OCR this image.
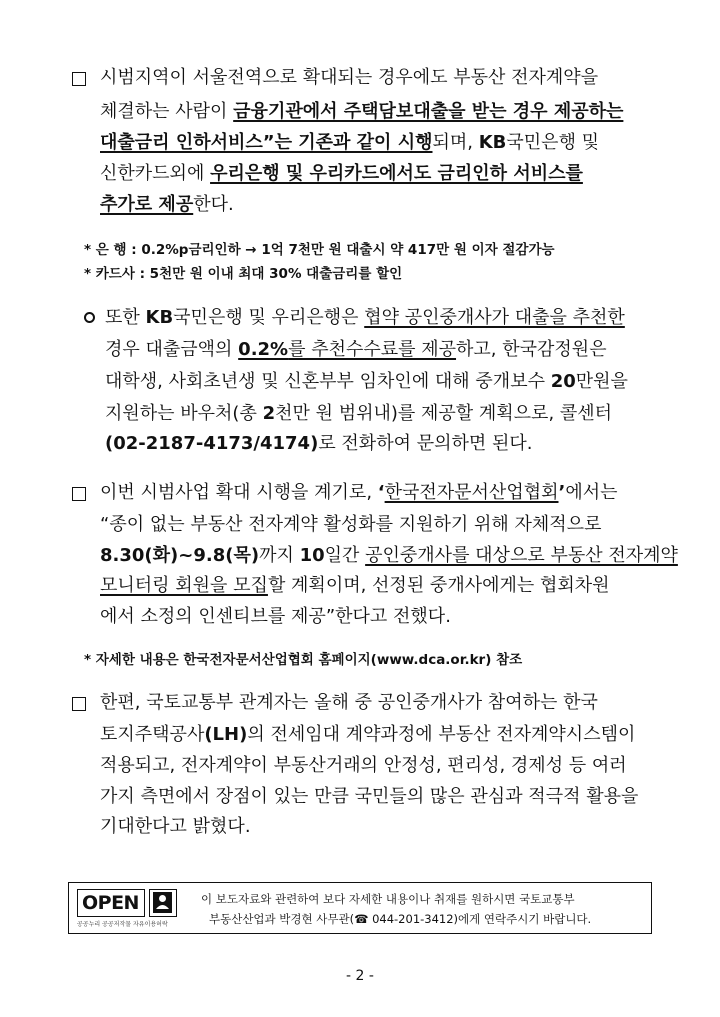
시범지역이 서울전역으로 확대되는 경우에도 부동산 전자계약을
체결하는 사람이 금융기관에서 주택담보대출을 받는 경우 제공하는
대출금리 인하서비스”는 기존과 같이 시행되며, KB국민은행 및
신한카드외에 우리은행 및 우리카드에서도 금리인하 서비스를
추가로 제공한다.
* 은 행 : 0.2%p금리인하 → 1억 7천만 원 대출시 약 417만 원 이자 절감가능
* 카드사 : 5천만 원 이내 최대 30% 대출금리를 할인
또한 KB국민은행 및 우리은행은 협약 공인중개사가 대출을 추천한
경우 대출금액의 0.2%를 추천수수료를 제공하고, 한국감정원은
대학생, 사회초년생 및 신혼부부 임차인에 대해 중개보수 20만원을
지원하는 바우처(총 2천만 원 범위내)를 제공할 계획으로, 콜센터
(02-2187-4173/4174)로 전화하여 문의하면 된다.
이번 시범사업 확대 시행을 계기로, ‘한국전자문서산업협회’에서는
“종이 없는 부동산 전자계약 활성화를 지원하기 위해 자체적으로
8.30(화)~9.8(목)까지 10일간 공인중개사를 대상으로 부동산 전자계약
모니터링 회원을 모집할 계획이며, 선정된 중개사에게는 협회차원
에서 소정의 인센티브를 제공”한다고 전했다.
* 자세한 내용은 한국전자문서산업협회 홈페이지(www.dca.or.kr) 참조
한편, 국토교통부 관계자는 올해 중 공인중개사가 참여하는 한국
토지주택공사(LH)의 전세임대 계약과정에 부동산 전자계약시스템이
적용되고, 전자계약이 부동산거래의 안정성, 편리성, 경제성 등 여러
가지 측면에서 장점이 있는 만큼 국민들의 많은 관심과 적극적 활용을
기대한다고 밝혔다.
OPEN
공공누리 공공저작물 자유이용허락
이 보도자료와 관련하여 보다 자세한 내용이나 취재를 원하시면 국토교통부
부동산산업과 박경현 사무관(☎ 044-201-3412)에게 연락주시기 바랍니다.
- 2 -
